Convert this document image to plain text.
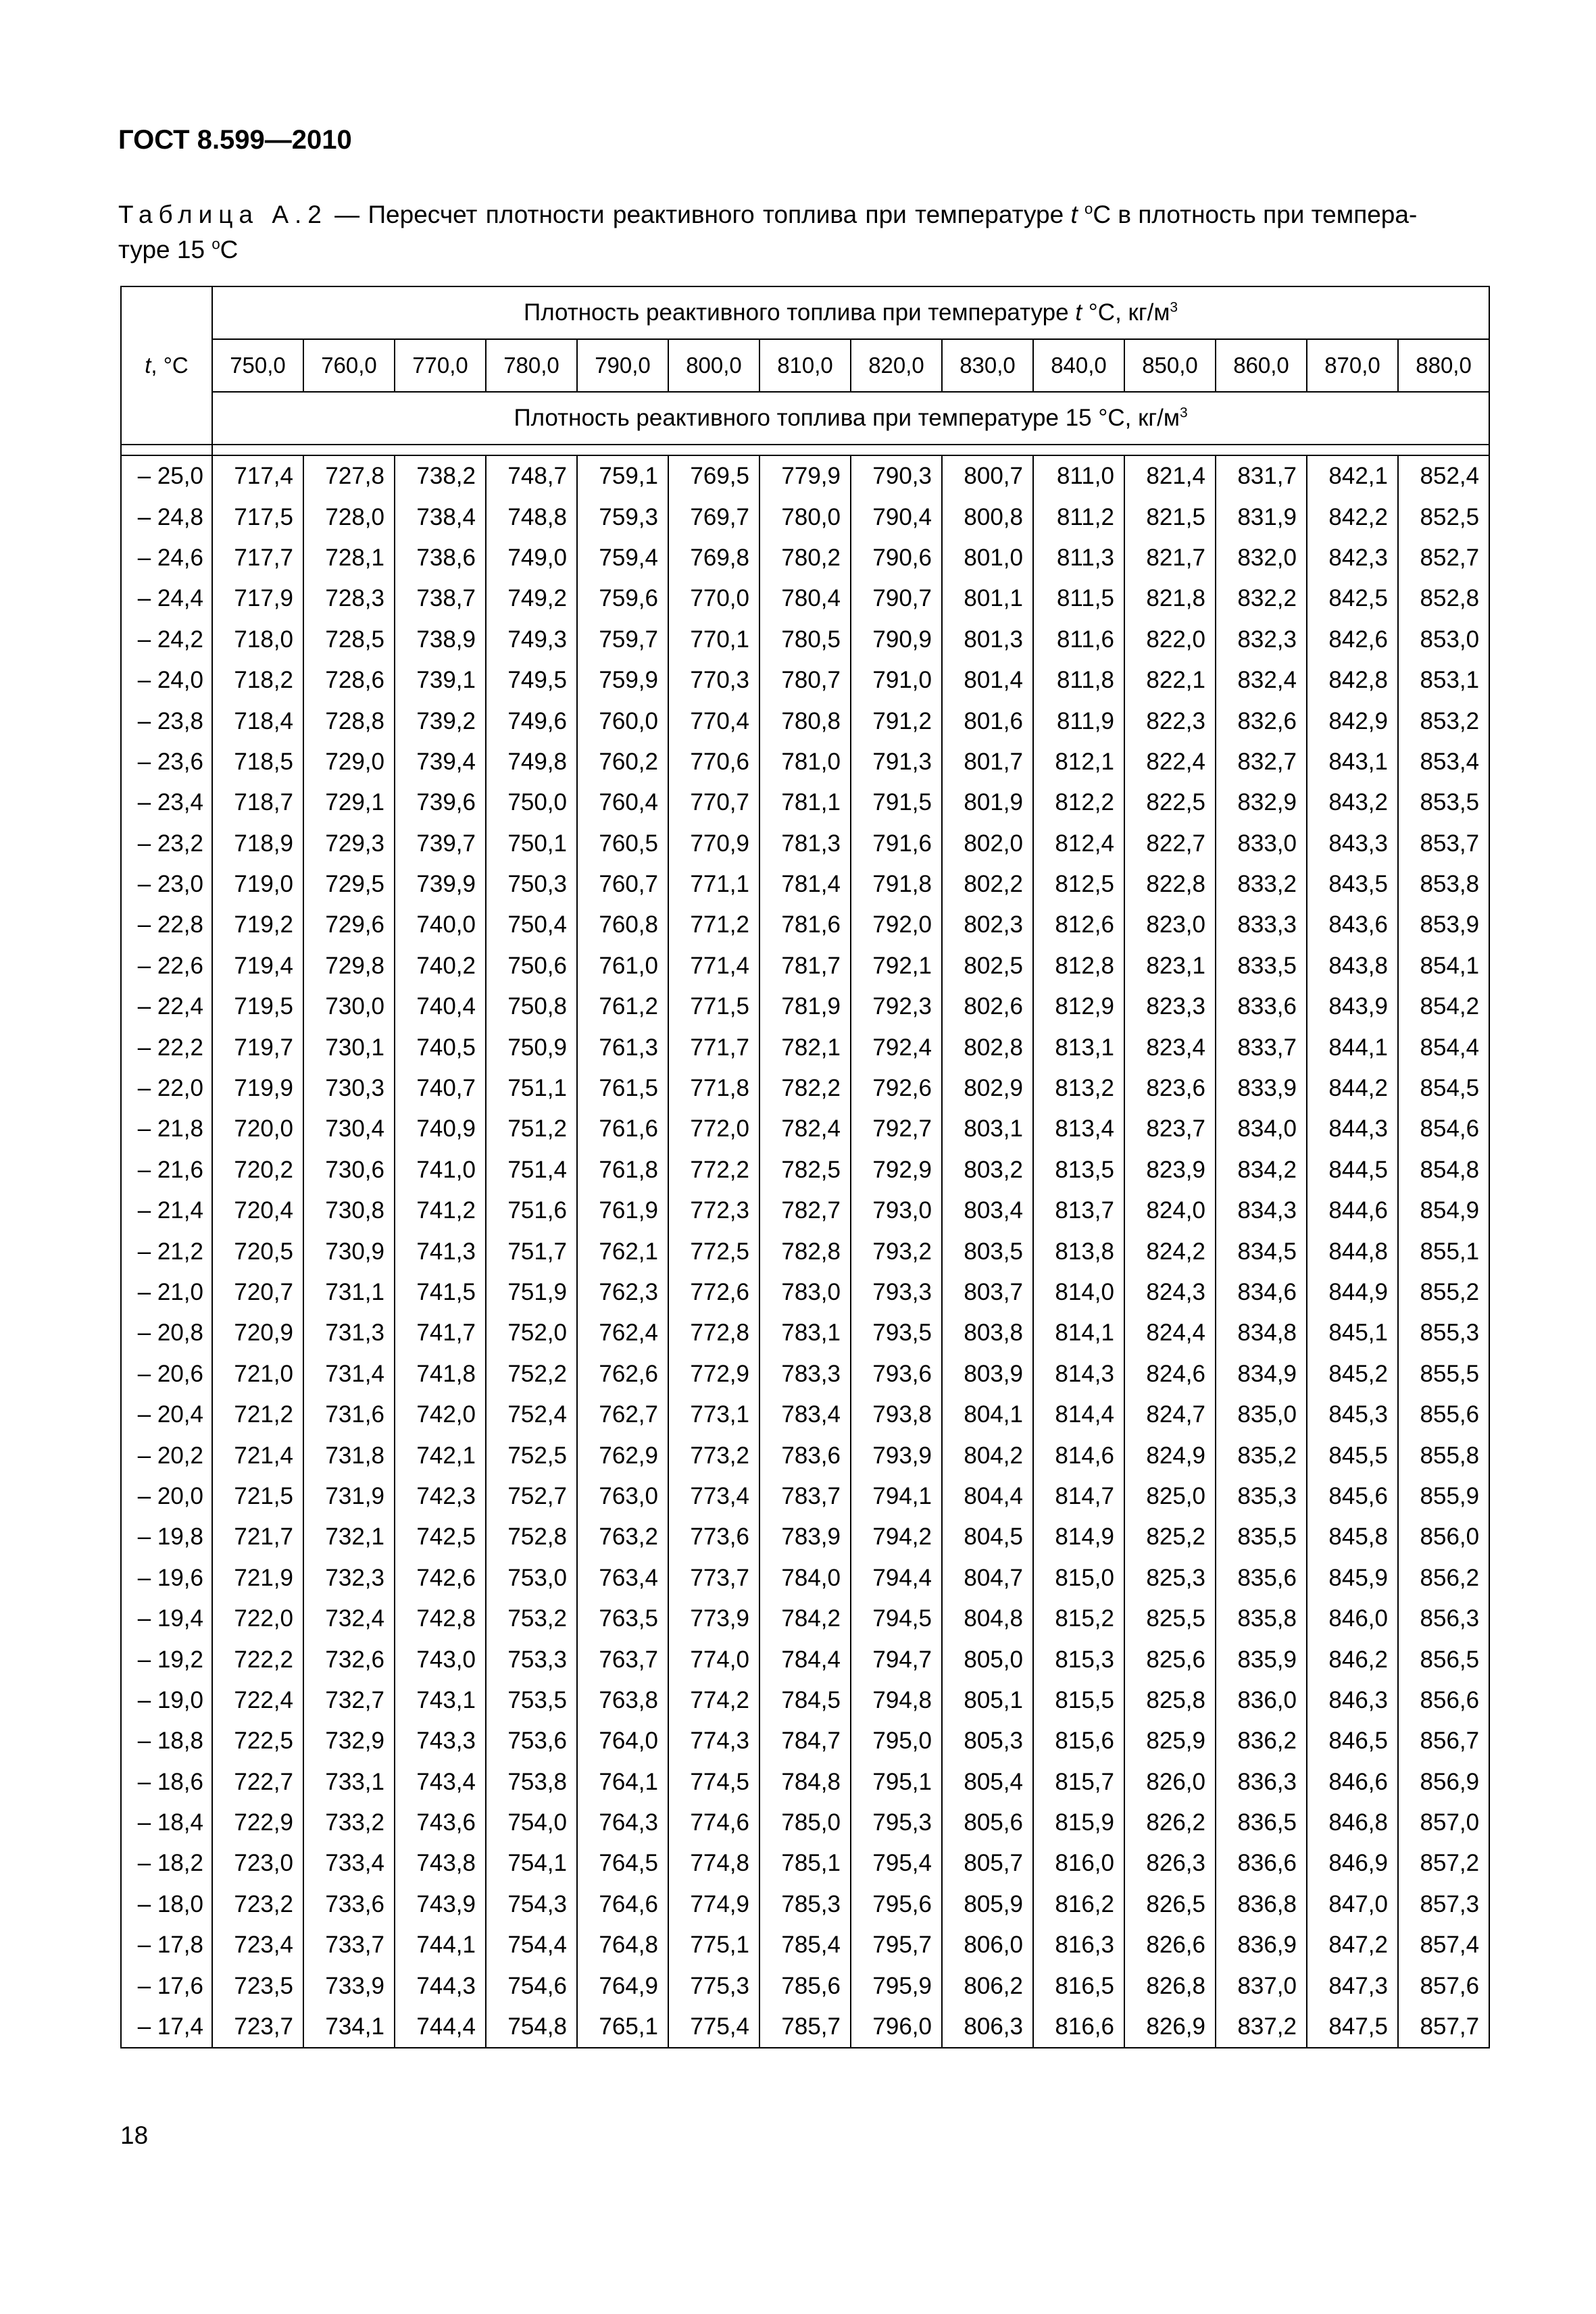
ГОСТ 8.599—2010
Таблица А.2 — Пересчет плотности реактивного топлива при температуре t $^o$С в плотность при темпера-
туре 15 $^o$С
t, °С	Плотность реактивного топлива при температуре t °С, $кг/м^3$
	750,0	760,0	770,0	780,0	790,0	800,0	810,0	820,0	830,0	840,0	850,0	860,0	870,0	880,0
	Плотность реактивного топлива при температуре 15 °С, $кг/м^3$

– 25,0	717,4	727,8	738,2	748,7	759,1	769,5	779,9	790,3	800,7	811,0	821,4	831,7	842,1	852,4
– 24,8	717,5	728,0	738,4	748,8	759,3	769,7	780,0	790,4	800,8	811,2	821,5	831,9	842,2	852,5
– 24,6	717,7	728,1	738,6	749,0	759,4	769,8	780,2	790,6	801,0	811,3	821,7	832,0	842,3	852,7
– 24,4	717,9	728,3	738,7	749,2	759,6	770,0	780,4	790,7	801,1	811,5	821,8	832,2	842,5	852,8
– 24,2	718,0	728,5	738,9	749,3	759,7	770,1	780,5	790,9	801,3	811,6	822,0	832,3	842,6	853,0
– 24,0	718,2	728,6	739,1	749,5	759,9	770,3	780,7	791,0	801,4	811,8	822,1	832,4	842,8	853,1
– 23,8	718,4	728,8	739,2	749,6	760,0	770,4	780,8	791,2	801,6	811,9	822,3	832,6	842,9	853,2
– 23,6	718,5	729,0	739,4	749,8	760,2	770,6	781,0	791,3	801,7	812,1	822,4	832,7	843,1	853,4
– 23,4	718,7	729,1	739,6	750,0	760,4	770,7	781,1	791,5	801,9	812,2	822,5	832,9	843,2	853,5
– 23,2	718,9	729,3	739,7	750,1	760,5	770,9	781,3	791,6	802,0	812,4	822,7	833,0	843,3	853,7
– 23,0	719,0	729,5	739,9	750,3	760,7	771,1	781,4	791,8	802,2	812,5	822,8	833,2	843,5	853,8
– 22,8	719,2	729,6	740,0	750,4	760,8	771,2	781,6	792,0	802,3	812,6	823,0	833,3	843,6	853,9
– 22,6	719,4	729,8	740,2	750,6	761,0	771,4	781,7	792,1	802,5	812,8	823,1	833,5	843,8	854,1
– 22,4	719,5	730,0	740,4	750,8	761,2	771,5	781,9	792,3	802,6	812,9	823,3	833,6	843,9	854,2
– 22,2	719,7	730,1	740,5	750,9	761,3	771,7	782,1	792,4	802,8	813,1	823,4	833,7	844,1	854,4
– 22,0	719,9	730,3	740,7	751,1	761,5	771,8	782,2	792,6	802,9	813,2	823,6	833,9	844,2	854,5
– 21,8	720,0	730,4	740,9	751,2	761,6	772,0	782,4	792,7	803,1	813,4	823,7	834,0	844,3	854,6
– 21,6	720,2	730,6	741,0	751,4	761,8	772,2	782,5	792,9	803,2	813,5	823,9	834,2	844,5	854,8
– 21,4	720,4	730,8	741,2	751,6	761,9	772,3	782,7	793,0	803,4	813,7	824,0	834,3	844,6	854,9
– 21,2	720,5	730,9	741,3	751,7	762,1	772,5	782,8	793,2	803,5	813,8	824,2	834,5	844,8	855,1
– 21,0	720,7	731,1	741,5	751,9	762,3	772,6	783,0	793,3	803,7	814,0	824,3	834,6	844,9	855,2
– 20,8	720,9	731,3	741,7	752,0	762,4	772,8	783,1	793,5	803,8	814,1	824,4	834,8	845,1	855,3
– 20,6	721,0	731,4	741,8	752,2	762,6	772,9	783,3	793,6	803,9	814,3	824,6	834,9	845,2	855,5
– 20,4	721,2	731,6	742,0	752,4	762,7	773,1	783,4	793,8	804,1	814,4	824,7	835,0	845,3	855,6
– 20,2	721,4	731,8	742,1	752,5	762,9	773,2	783,6	793,9	804,2	814,6	824,9	835,2	845,5	855,8
– 20,0	721,5	731,9	742,3	752,7	763,0	773,4	783,7	794,1	804,4	814,7	825,0	835,3	845,6	855,9
– 19,8	721,7	732,1	742,5	752,8	763,2	773,6	783,9	794,2	804,5	814,9	825,2	835,5	845,8	856,0
– 19,6	721,9	732,3	742,6	753,0	763,4	773,7	784,0	794,4	804,7	815,0	825,3	835,6	845,9	856,2
– 19,4	722,0	732,4	742,8	753,2	763,5	773,9	784,2	794,5	804,8	815,2	825,5	835,8	846,0	856,3
– 19,2	722,2	732,6	743,0	753,3	763,7	774,0	784,4	794,7	805,0	815,3	825,6	835,9	846,2	856,5
– 19,0	722,4	732,7	743,1	753,5	763,8	774,2	784,5	794,8	805,1	815,5	825,8	836,0	846,3	856,6
– 18,8	722,5	732,9	743,3	753,6	764,0	774,3	784,7	795,0	805,3	815,6	825,9	836,2	846,5	856,7
– 18,6	722,7	733,1	743,4	753,8	764,1	774,5	784,8	795,1	805,4	815,7	826,0	836,3	846,6	856,9
– 18,4	722,9	733,2	743,6	754,0	764,3	774,6	785,0	795,3	805,6	815,9	826,2	836,5	846,8	857,0
– 18,2	723,0	733,4	743,8	754,1	764,5	774,8	785,1	795,4	805,7	816,0	826,3	836,6	846,9	857,2
– 18,0	723,2	733,6	743,9	754,3	764,6	774,9	785,3	795,6	805,9	816,2	826,5	836,8	847,0	857,3
– 17,8	723,4	733,7	744,1	754,4	764,8	775,1	785,4	795,7	806,0	816,3	826,6	836,9	847,2	857,4
– 17,6	723,5	733,9	744,3	754,6	764,9	775,3	785,6	795,9	806,2	816,5	826,8	837,0	847,3	857,6
– 17,4	723,7	734,1	744,4	754,8	765,1	775,4	785,7	796,0	806,3	816,6	826,9	837,2	847,5	857,7
18
